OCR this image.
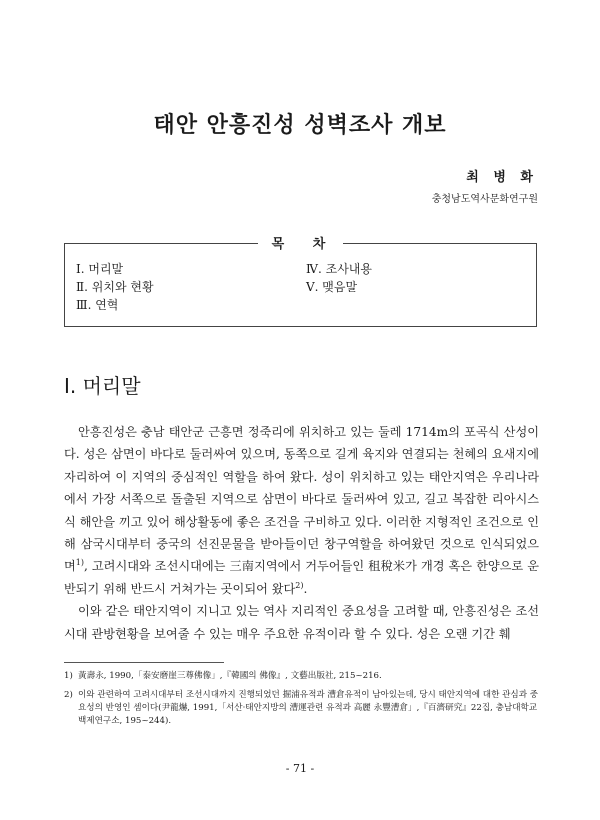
태안 안흥진성 성벽조사 개보
최 병 화
충청남도역사문화연구원
목 차
Ⅰ. 머리말
Ⅱ. 위치와 현황
Ⅲ. 연혁
Ⅳ. 조사내용
Ⅴ. 맺음말
Ⅰ. 머리말

안흥진성은 충남 태안군 근흥면 정죽리에 위치하고 있는 둘레 1714m의 포곡식 산성이다. 성은 삼면이 바다로 둘러싸여 있으며, 동쪽으로 길게 육지와 연결되는 천혜의 요새지에 자리하여 이 지역의 중심적인 역할을 하여 왔다. 성이 위치하고 있는 태안지역은 우리나라에서 가장 서쪽으로 돌출된 지역으로 삼면이 바다로 둘러싸여 있고, 길고 복잡한 리아시스식 해안을 끼고 있어 해상활동에 좋은 조건을 구비하고 있다. 이러한 지형적인 조건으로 인해 삼국시대부터 중국의 선진문물을 받아들이던 창구역할을 하여왔던 것으로 인식되었으며$^{1)}$, 고려시대와 조선시대에는 三南지역에서 거두어들인 租稅米가 개경 혹은 한양으로 운반되기 위해 반드시 거쳐가는 곳이되어 왔다$^{2)}$.

이와 같은 태안지역이 지니고 있는 역사 지리적인 중요성을 고려할 때, 안흥진성은 조선시대 관방현황을 보여줄 수 있는 매우 주요한 유적이라 할 수 있다. 성은 오랜 기간 훼

1) 黃壽永, 1990,「泰安磨崖三尊佛像」,『韓國의 佛像』, 文藝出版社, 215~216.
2) 이와 관련하여 고려시대부터 조선시대까지 진행되었던 掘浦유적과 漕倉유적이 남아있는데, 당시 태안지역에 대한 관심과 중요성의 반영인 셈이다(尹龍爀, 1991,「서산·태안지방의 漕運관련 유적과 高麗 永豐漕倉」,『百濟研究』22집, 충남대학교백제연구소, 195~244).
- 71 -
